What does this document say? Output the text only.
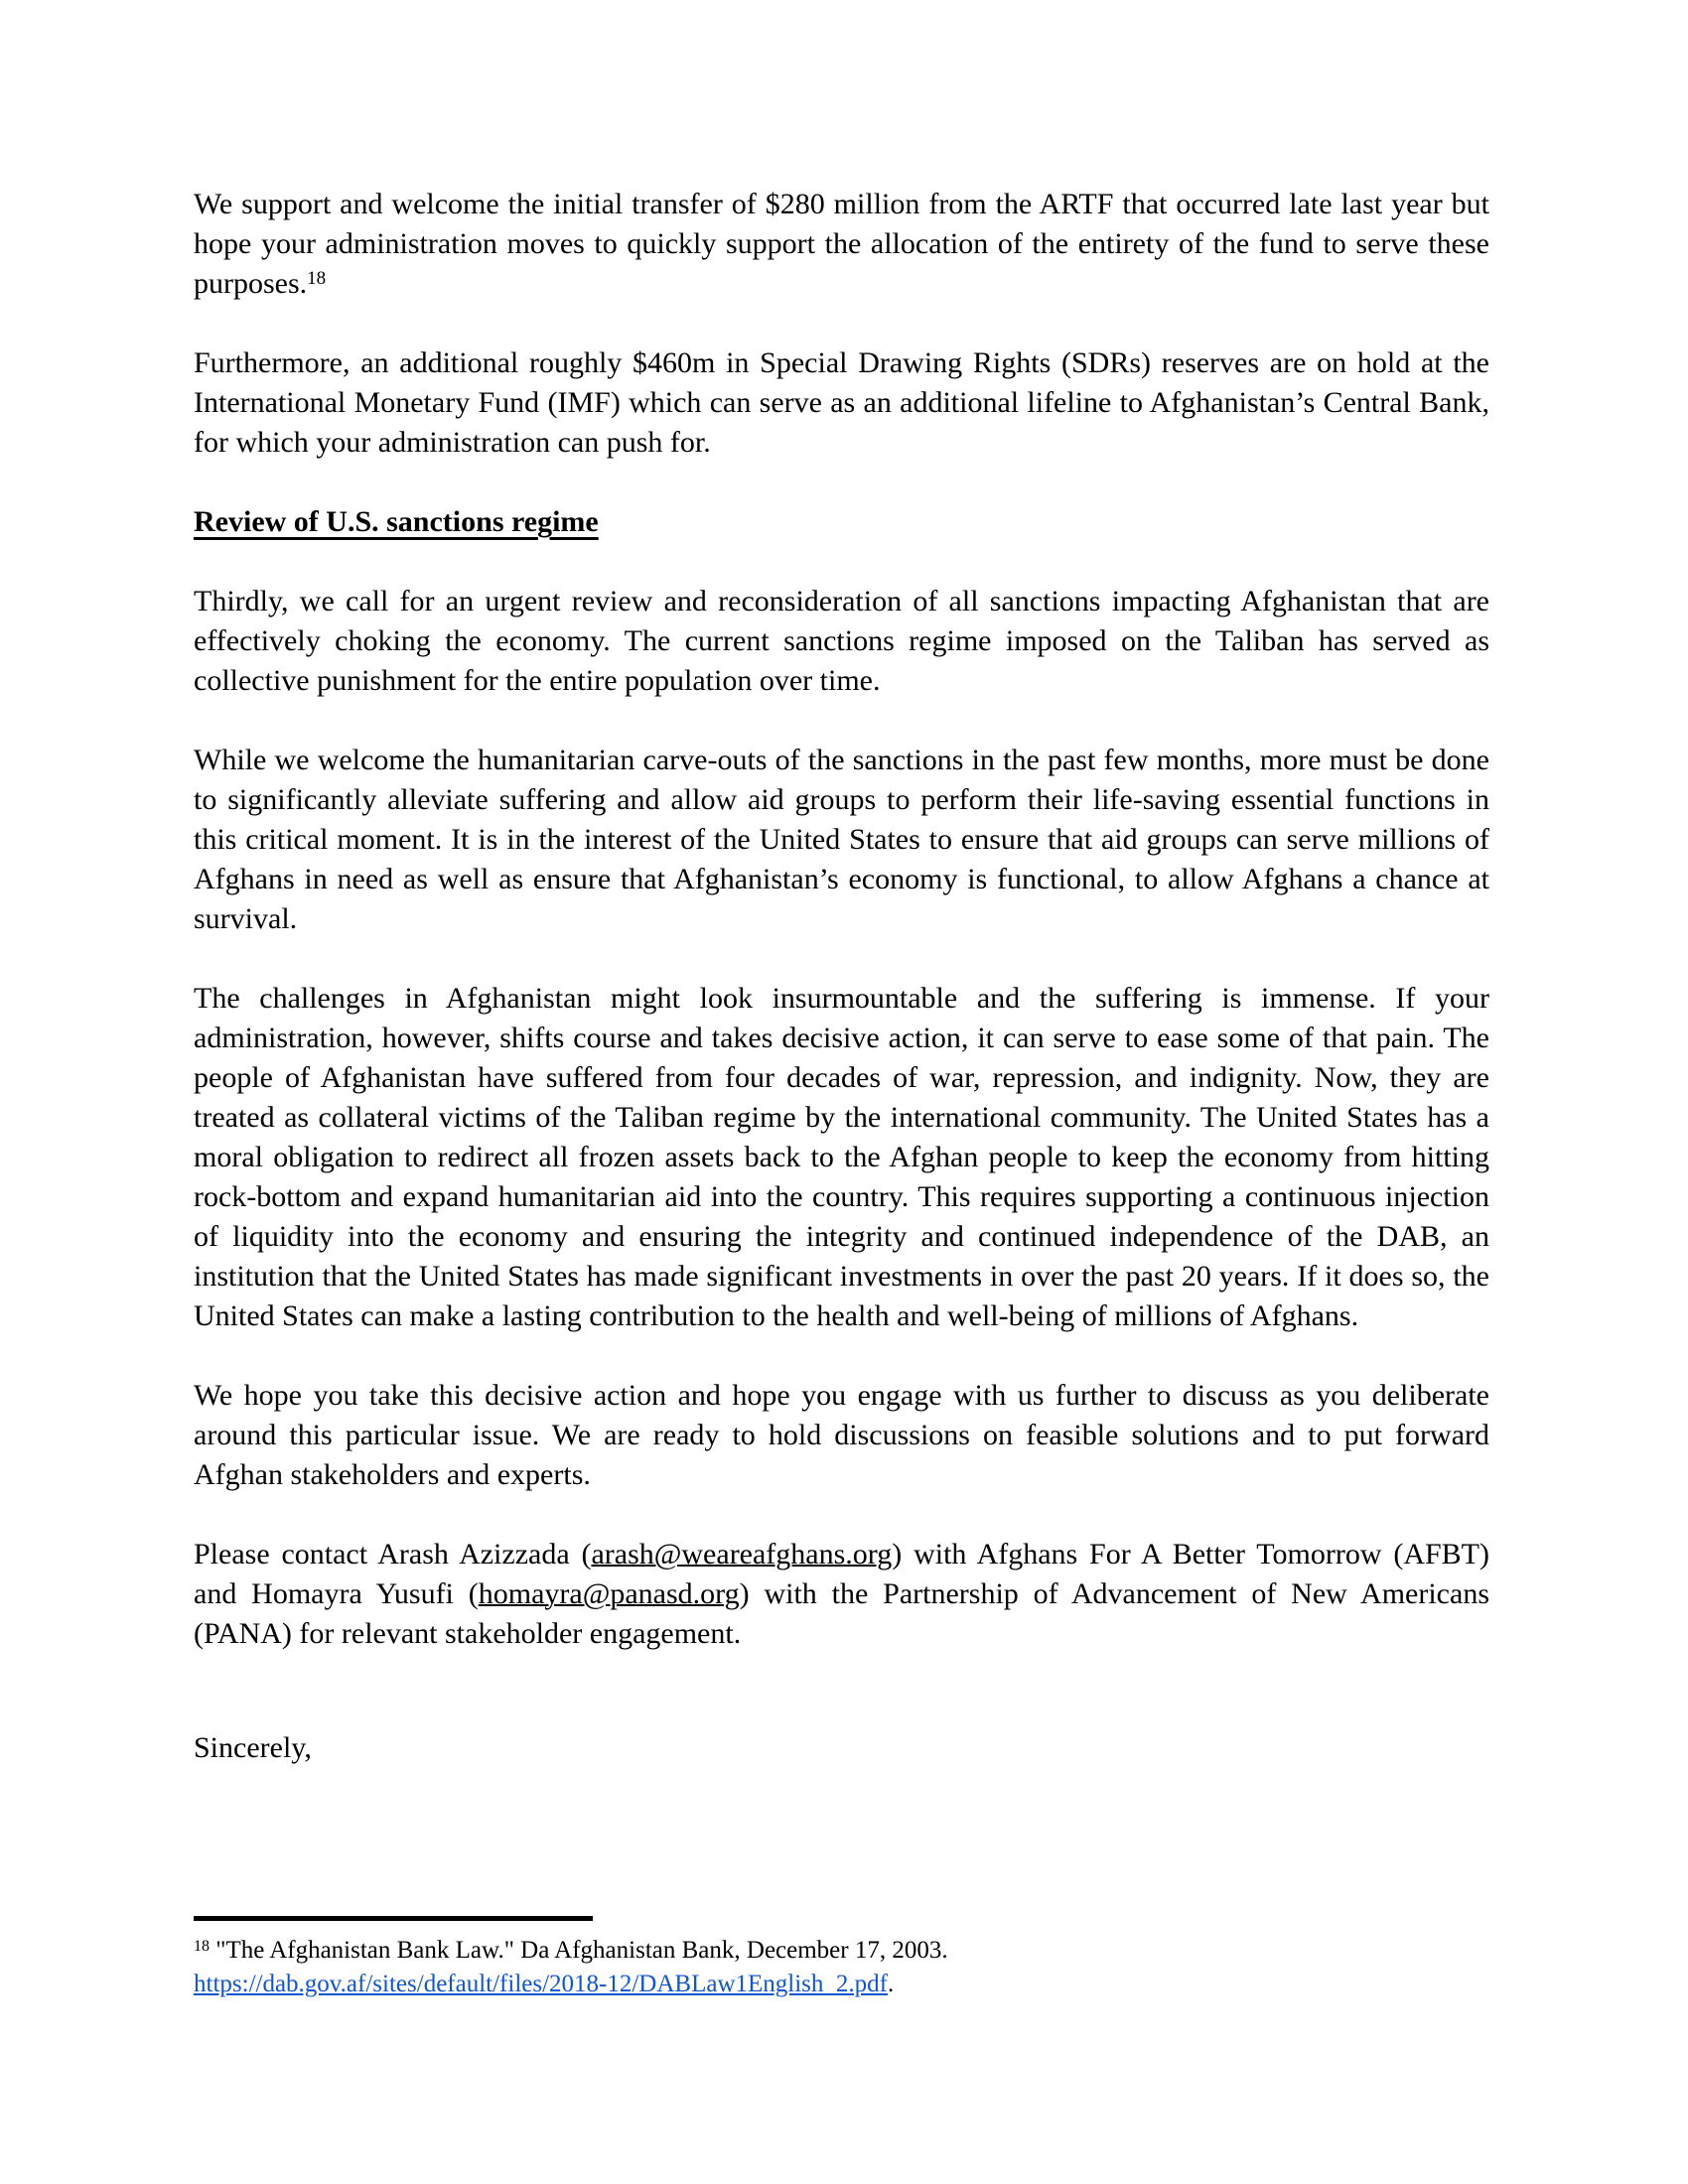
We support and welcome the initial transfer of $280 million from the ARTF that occurred late last year but hope your administration moves to quickly support the allocation of the entirety of the fund to serve these purposes.$^{18}$

Furthermore, an additional roughly $460m in Special Drawing Rights (SDRs) reserves are on hold at the International Monetary Fund (IMF) which can serve as an additional lifeline to Afghanistan’s Central Bank, for which your administration can push for.

Review of U.S. sanctions regime

Thirdly, we call for an urgent review and reconsideration of all sanctions impacting Afghanistan that are effectively choking the economy. The current sanctions regime imposed on the Taliban has served as collective punishment for the entire population over time.

While we welcome the humanitarian carve-outs of the sanctions in the past few months, more must be done to significantly alleviate suffering and allow aid groups to perform their life-saving essential functions in this critical moment. It is in the interest of the United States to ensure that aid groups can serve millions of Afghans in need as well as ensure that Afghanistan’s economy is functional, to allow Afghans a chance at survival.

The challenges in Afghanistan might look insurmountable and the suffering is immense. If your administration, however, shifts course and takes decisive action, it can serve to ease some of that pain. The people of Afghanistan have suffered from four decades of war, repression, and indignity. Now, they are treated as collateral victims of the Taliban regime by the international community. The United States has a moral obligation to redirect all frozen assets back to the Afghan people to keep the economy from hitting rock-bottom and expand humanitarian aid into the country. This requires supporting a continuous injection of liquidity into the economy and ensuring the integrity and continued independence of the DAB, an institution that the United States has made significant investments in over the past 20 years. If it does so, the United States can make a lasting contribution to the health and well-being of millions of Afghans.

We hope you take this decisive action and hope you engage with us further to discuss as you deliberate around this particular issue. We are ready to hold discussions on feasible solutions and to put forward Afghan stakeholders and experts.

Please contact Arash Azizzada (arash@weareafghans.org) with Afghans For A Better Tomorrow (AFBT) and Homayra Yusufi (homayra@panasd.org) with the Partnership of Advancement of New Americans (PANA) for relevant stakeholder engagement.

Sincerely,

$^{18}$ "The Afghanistan Bank Law." Da Afghanistan Bank, December 17, 2003.
https://dab.gov.af/sites/default/files/2018-12/DABLaw1English_2.pdf.
